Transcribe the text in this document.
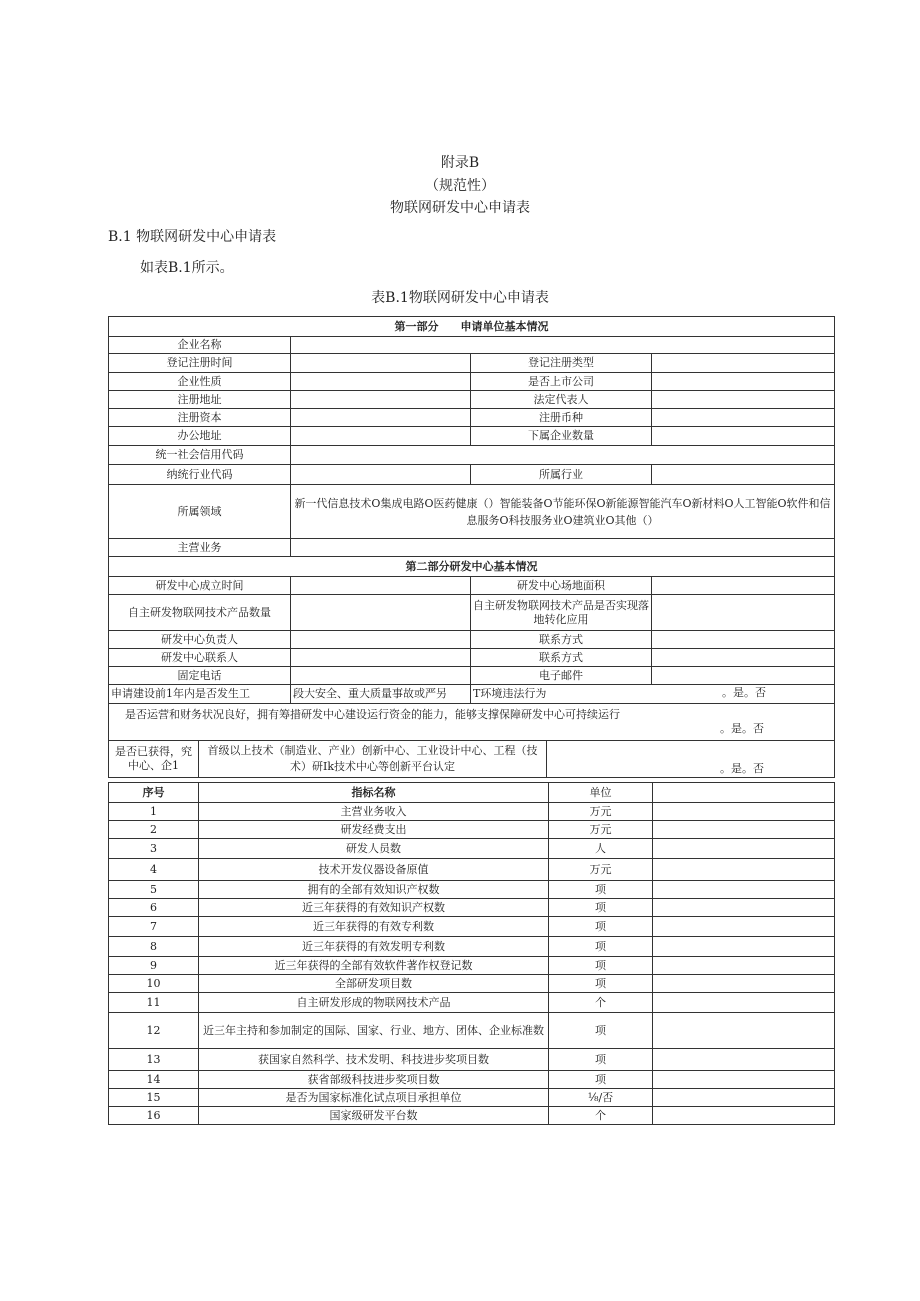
附录B
（规范性）
物联网研发中心申请表
B.1 物联网研发中心申请表
如表B.1所示。
表B.1物联网研发中心申请表
第一部分　　申请单位基本情况					
企业名称					
登记注册时间			登记注册类型		
企业性质			是否上市公司		
注册地址			法定代表人		
注册资本			注册币种		
办公地址			下属企业数量		
统一社会信用代码					
纳统行业代码			所属行业		
所属领域		新一代信息技术O集成电路O医药健康（）智能装备O节能环保O新能源智能汽车O新材料O人工智能O软件和信息服务O科技服务业O建筑业O其他（）			
主营业务					
第二部分研发中心基本情况					
研发中心成立时间			研发中心场地面积		
自主研发物联网技术产品数量			自主研发物联网技术产品是否实现落地转化应用		
研发中心负责人			联系方式		
研发中心联系人			联系方式		
固定电话			电子邮件		
申请建设前1年内是否发生工		段大安全、重大质量事故或严另	T环境违法行为 。是。否		

是否运营和财务状况良好，拥有筹措研发中心建设运行资金的能力，能够支撑保障研发中心可持续运行
。是。否					

是否已获得，究中心、企1	首级以上技术（制造业、产业）创新中心、工业设计中心、工程（技术）研Ik技术中心等创新平台认定			。是。否	
序号	指标名称	单位	
1	主营业务收入	万元	
2	研发经费支出	万元	
3	研发人员数	人	
4	技术开发仪器设备原值	万元	
5	拥有的全部有效知识产权数	项	
6	近三年获得的有效知识产权数	项	
7	近三年获得的有效专利数	项	
8	近三年获得的有效发明专利数	项	
9	近三年获得的全部有效软件著作权登记数	项	
10	全部研发项目数	项	
11	自主研发形成的物联网技术产品	个	
12	近三年主持和参加制定的国际、国家、行业、地方、团体、企业标准数	项	
13	获国家自然科学、技术发明、科技进步奖项目数	项	
14	获省部级科技进步奖项目数	项	
15	是否为国家标准化试点项目承担单位	⅛/否	
16	国家级研发平台数	个	
